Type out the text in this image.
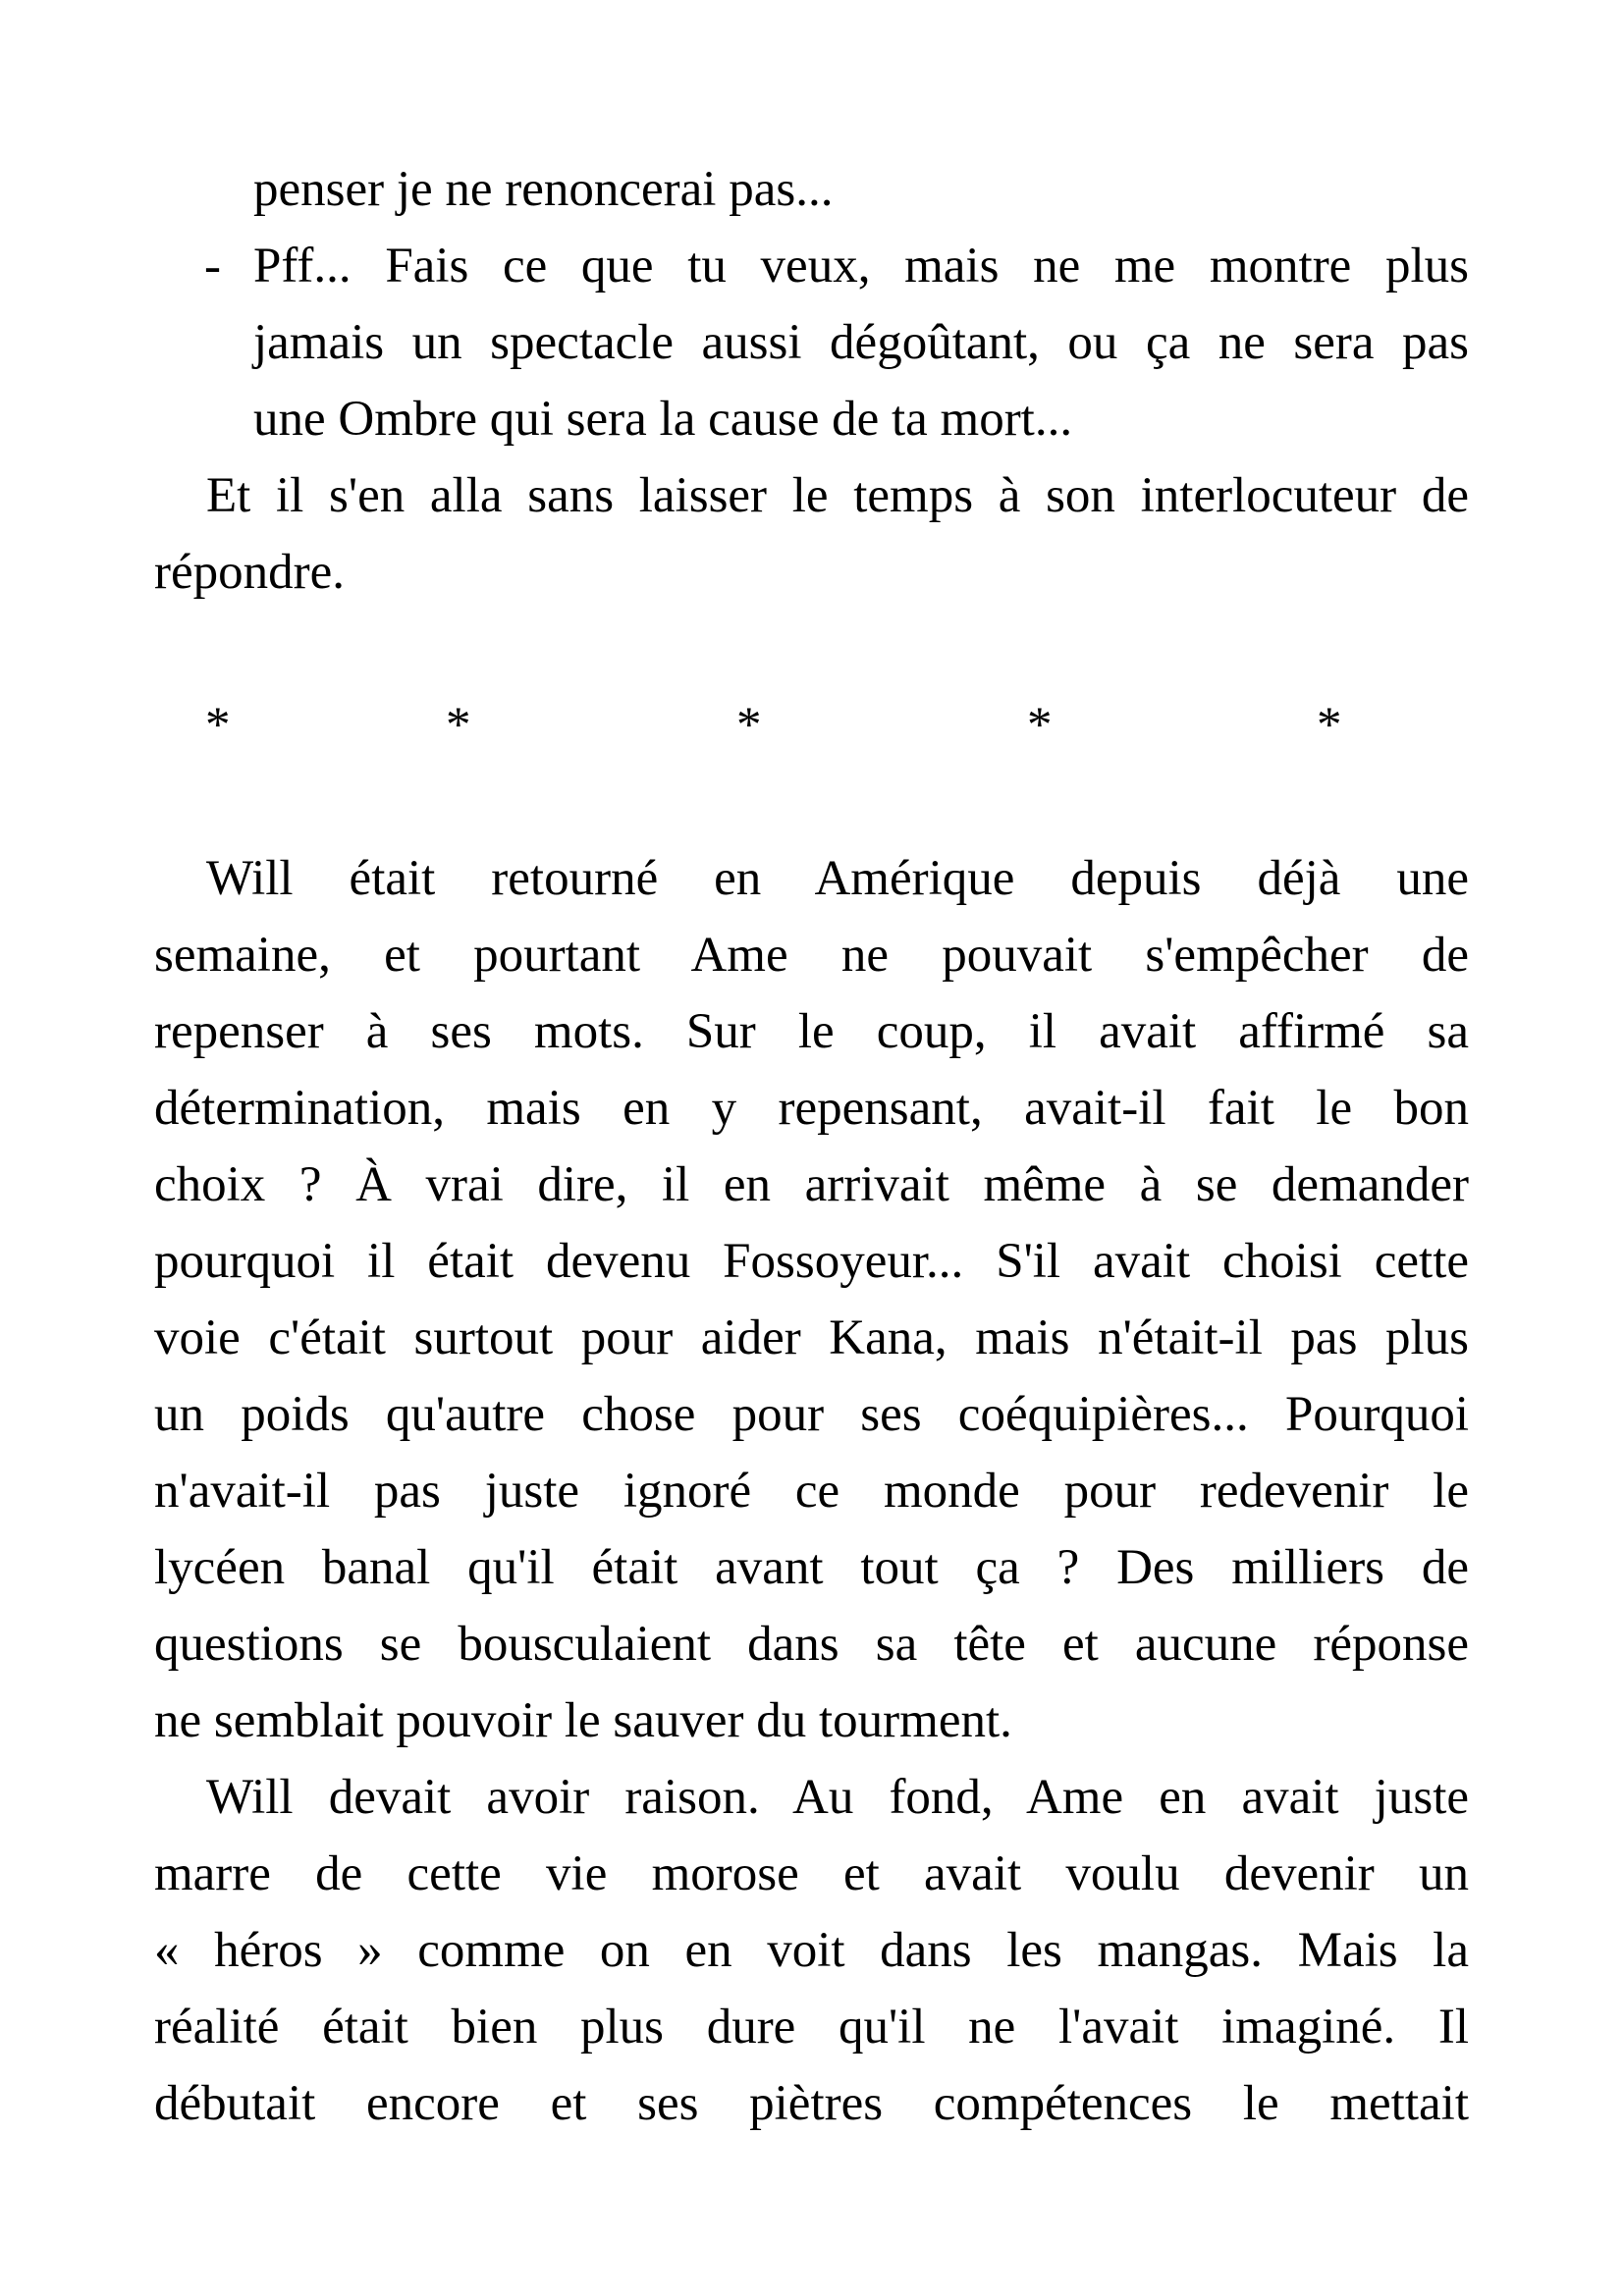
penser je ne renoncerai pas...
- Pff... Fais ce que tu veux, mais ne me montre plus
jamais un spectacle aussi dégoûtant, ou ça ne sera pas
une Ombre qui sera la cause de ta mort...
Et il s'en alla sans laisser le temps à son interlocuteur de
répondre.
*	*	*	*	*
Will était retourné en Amérique depuis déjà une
semaine, et pourtant Ame ne pouvait s'empêcher de
repenser à ses mots. Sur le coup, il avait affirmé sa
détermination, mais en y repensant, avait-il fait le bon
choix ? À vrai dire, il en arrivait même à se demander
pourquoi il était devenu Fossoyeur... S'il avait choisi cette
voie c'était surtout pour aider Kana, mais n'était-il pas plus
un poids qu'autre chose pour ses coéquipières... Pourquoi
n'avait-il pas juste ignoré ce monde pour redevenir le
lycéen banal qu'il était avant tout ça ? Des milliers de
questions se bousculaient dans sa tête et aucune réponse
ne semblait pouvoir le sauver du tourment.
Will devait avoir raison. Au fond, Ame en avait juste
marre de cette vie morose et avait voulu devenir un
« héros » comme on en voit dans les mangas. Mais la
réalité était bien plus dure qu'il ne l'avait imaginé. Il
débutait encore et ses piètres compétences le mettait
